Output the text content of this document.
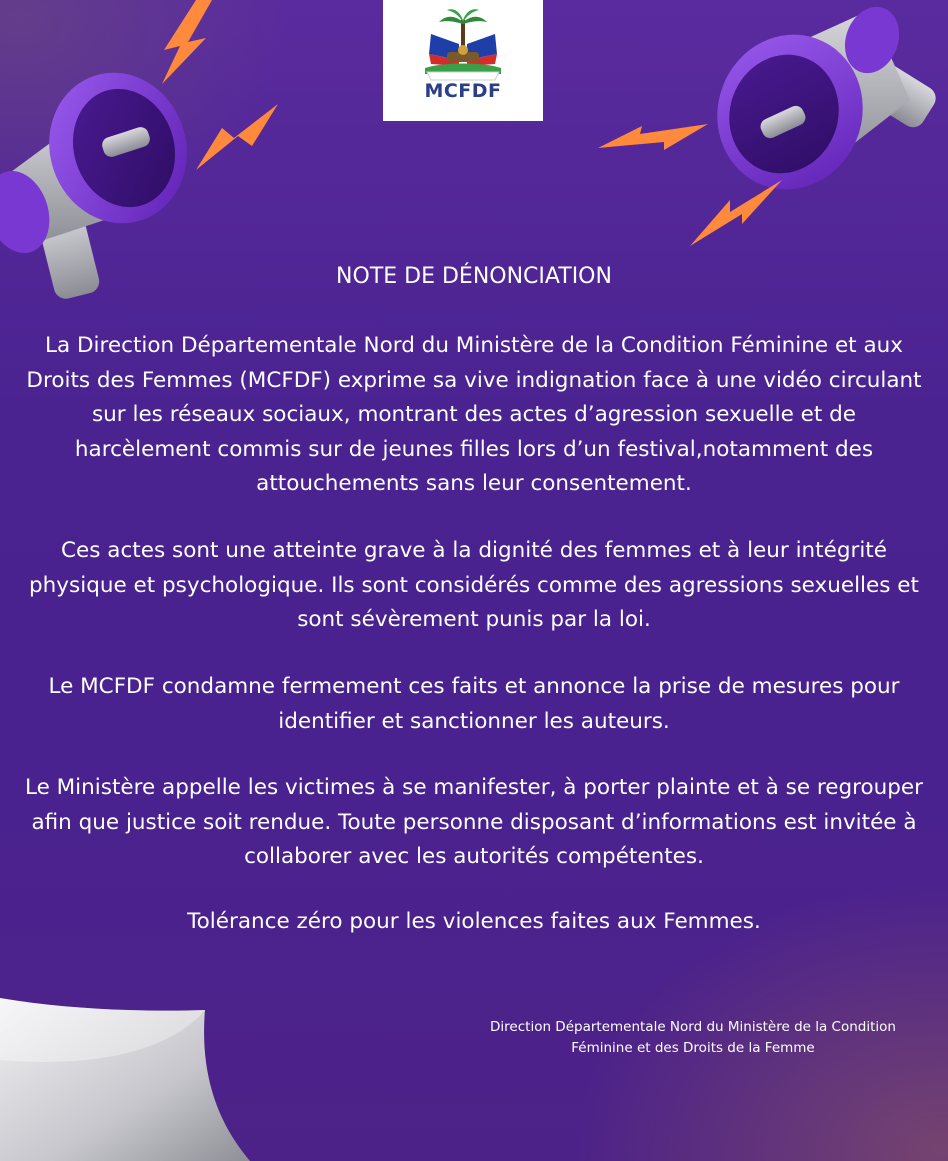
MCFDF
NOTE DE DÉNONCIATION
La Direction Départementale Nord du Ministère de la Condition Féminine et aux
Droits des Femmes (MCFDF) exprime sa vive indignation face à une vidéo circulant
sur les réseaux sociaux, montrant des actes d’agression sexuelle et de
harcèlement commis sur de jeunes filles lors d’un festival,notamment des
attouchements sans leur consentement.
Ces actes sont une atteinte grave à la dignité des femmes et à leur intégrité
physique et psychologique. Ils sont considérés comme des agressions sexuelles et
sont sévèrement punis par la loi.
Le MCFDF condamne fermement ces faits et annonce la prise de mesures pour
identifier et sanctionner les auteurs.
Le Ministère appelle les victimes à se manifester, à porter plainte et à se regrouper
afin que justice soit rendue. Toute personne disposant d’informations est invitée à
collaborer avec les autorités compétentes.
Tolérance zéro pour les violences faites aux Femmes.
Direction Départementale Nord du Ministère de la Condition
Féminine et des Droits de la Femme
